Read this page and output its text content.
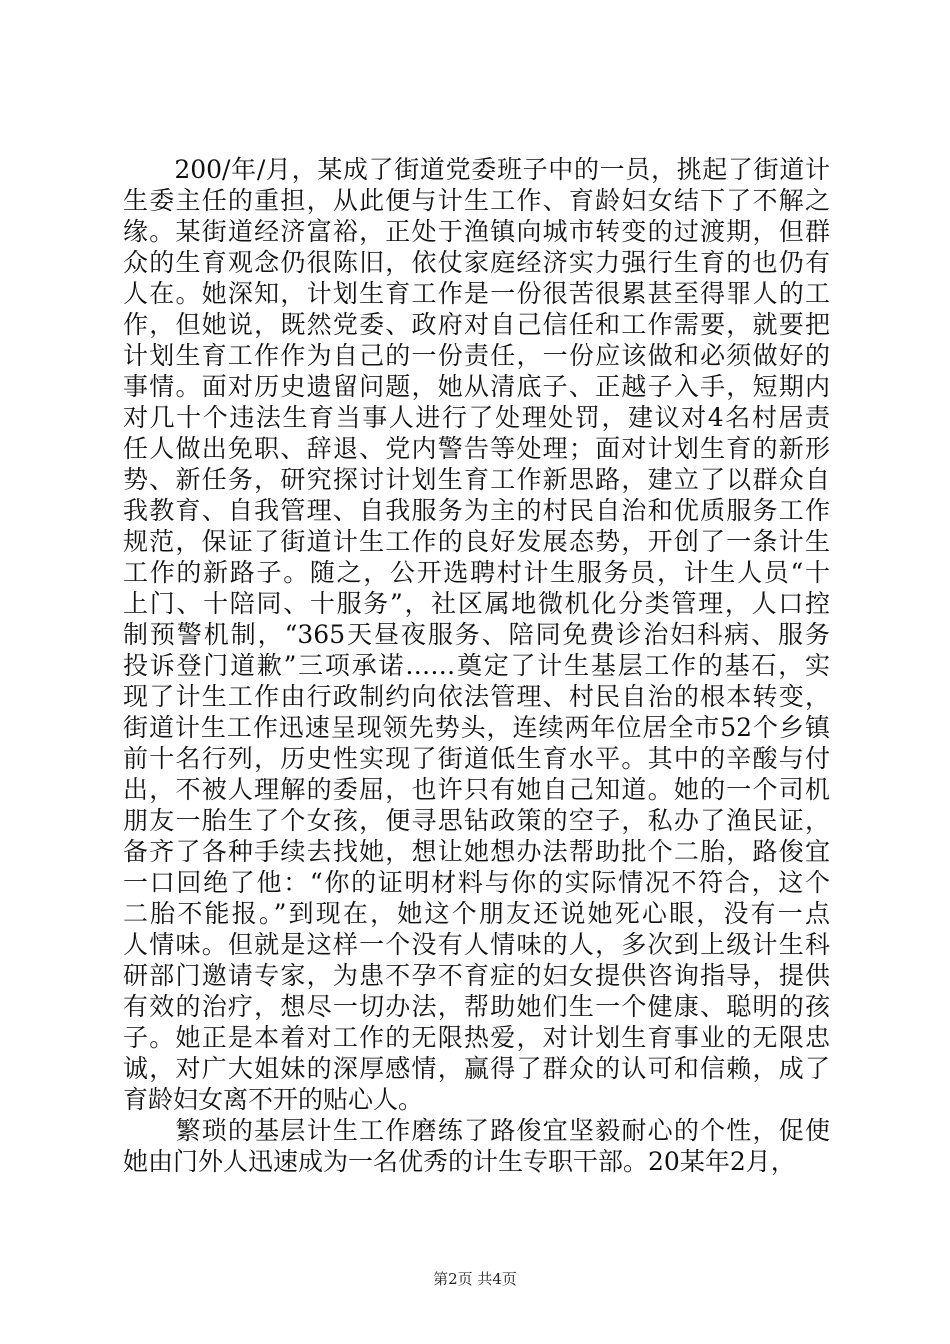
　　200/年/月，某成了街道党委班子中的一员，挑起了街道计
生委主任的重担，从此便与计生工作、育龄妇女结下了不解之
缘。某街道经济富裕，正处于渔镇向城市转变的过渡期，但群
众的生育观念仍很陈旧，依仗家庭经济实力强行生育的也仍有
人在。她深知，计划生育工作是一份很苦很累甚至得罪人的工
作，但她说，既然党委、政府对自己信任和工作需要，就要把
计划生育工作作为自己的一份责任，一份应该做和必须做好的
事情。面对历史遗留问题，她从清底子、正越子入手，短期内
对几十个违法生育当事人进行了处理处罚，建议对4名村居责
任人做出免职、辞退、党内警告等处理；面对计划生育的新形
势、新任务，研究探讨计划生育工作新思路，建立了以群众自
我教育、自我管理、自我服务为主的村民自治和优质服务工作
规范，保证了街道计生工作的良好发展态势，开创了一条计生
工作的新路子。随之，公开选聘村计生服务员，计生人员“十
上门、十陪同、十服务”，社区属地微机化分类管理，人口控
制预警机制，“365天昼夜服务、陪同免费诊治妇科病、服务
投诉登门道歉”三项承诺……奠定了计生基层工作的基石，实
现了计生工作由行政制约向依法管理、村民自治的根本转变，
街道计生工作迅速呈现领先势头，连续两年位居全市52个乡镇
前十名行列，历史性实现了街道低生育水平。其中的辛酸与付
出，不被人理解的委屈，也许只有她自己知道。她的一个司机
朋友一胎生了个女孩，便寻思钻政策的空子，私办了渔民证，
备齐了各种手续去找她，想让她想办法帮助批个二胎，路俊宜
一口回绝了他：“你的证明材料与你的实际情况不符合，这个
二胎不能报。”到现在，她这个朋友还说她死心眼，没有一点
人情味。但就是这样一个没有人情味的人，多次到上级计生科
研部门邀请专家，为患不孕不育症的妇女提供咨询指导，提供
有效的治疗，想尽一切办法，帮助她们生一个健康、聪明的孩
子。她正是本着对工作的无限热爱，对计划生育事业的无限忠
诚，对广大姐妹的深厚感情，赢得了群众的认可和信赖，成了
育龄妇女离不开的贴心人。
　　繁琐的基层计生工作磨练了路俊宜坚毅耐心的个性，促使
她由门外人迅速成为一名优秀的计生专职干部。20某年2月，
第2页 共4页
